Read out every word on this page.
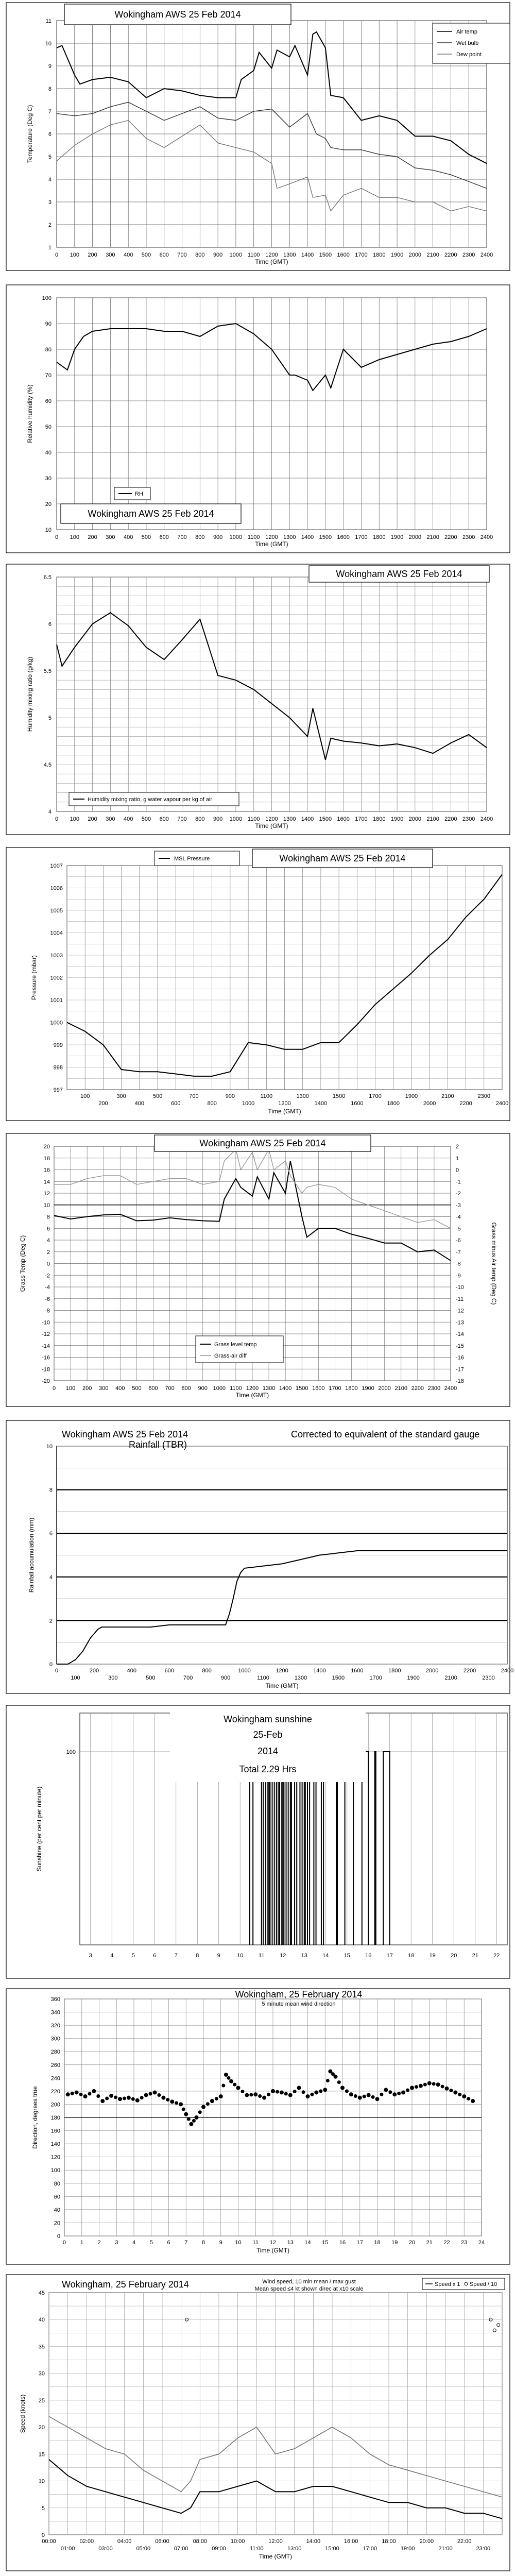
1
2
3
4
5
6
7
8
9
10
11
0 100 200 300 400 500 600 700 800 900 1000 1100 1200 1300 1400 1500 1600 1700 1800 1900 2000 2100 2200 2300 2400
Time (GMT)
Temperature (Deg C)
Wokingham AWS 25 Feb 2014
Air temp
Wet bulb
Dew point
10
20
30
40
50
60
70
80
90
100
0 100 200 300 400 500 600 700 800 900 1000 1100 1200 1300 1400 1500 1600 1700 1800 1900 2000 2100 2200 2300 2400
Time (GMT)
Relative humidity (%)
RH
Wokingham AWS 25 Feb 2014
4
4.5
5
5.5
6
6.5
0 100 200 300 400 500 600 700 800 900 1000 1100 1200 1300 1400 1500 1600 1700 1800 1900 2000 2100 2200 2300 2400
Time (GMT)
Humidity mixing ratio (g/kg)
Humidity mixing ratio, g water vapour per kg of air
Wokingham AWS 25 Feb 2014
997
998
999
1000
1001
1002
1003
1004
1005
1006
1007
100
200
300
400
500
600
700
800
900
1000
1100
1200
1300
1400
1500
1600
1700
1800
1900
2000
2100
2200
2300
2400
Time (GMT)
Pressure (mbar)
MSL Pressure	Wokingham AWS 25 Feb 2014
20
18
16
14
12
10
8
6
4
2
0
-2
-4
-6
-8
-10
-12
-14
-16
-18
-20
2
1
0
-1
-2
-3
-4
-5
-6
-7
-8
-9
-10
-11
-12
-13
-14
-15
-16
-17
-18
0 100 200 300 400 500 600 700 800 900 1000 1100 1200 1300 1400 1500 1600 1700 1800 1900 2000 2100 2200 2300 2400
Time (GMT)
Grass Temp (Deg C)	Grass minus Air temp (Deg C)
Wokingham AWS 25 Feb 2014
Grass level temp
Grass-air diff
0
2
4
6
8
10
0
100
200
300
400
500
600
700
800
900
1000
1100
1200
1300
1400
1500
1600
1700
1800
1900
2000
2100
2200
2300
2400
Time (GMT)
Rainfall accumulation (mm)
Wokingham AWS 25 Feb 2014
Rainfall (TBR)
Corrected to equivalent of the standard gauge
100
3	4	5	6	7	8	9	10	11	12	13	14	15	16	17	18	19	20	21	22
Sunshine (per cent per minute)
Wokingham sunshine
25-Feb
2014
Total 2.29 Hrs
0
20
40
60
80
100
120
140
160
180
200
220
240
260
280
300
320
340
360
0	1	2	3	4	5	6	7	8	9 10 11 12 13 14 15 16 17 18 19 20 21 22 23 24
Time (GMT)
Direction, degrees true
Wokingham, 25 February 2014
5 minute mean wind direction
0
5
10
15
20
25
30
35
40
45
00:00	02:00	04:00	06:00	08:00	10:00	12:00	14:00	16:00	18:00	20:00	22:00
01:00	03:00	05:00	07:00	09:00	11:00	13:00	15:00	17:00	19:00	21:00	23:00
Time (GMT)
Speed (knots)
Wokingham, 25 February 2014	Wind speed, 10 min mean / max gust
Mean speed ≤4 kt shown direc at x10 scale
Speed x 1 Speed / 10
